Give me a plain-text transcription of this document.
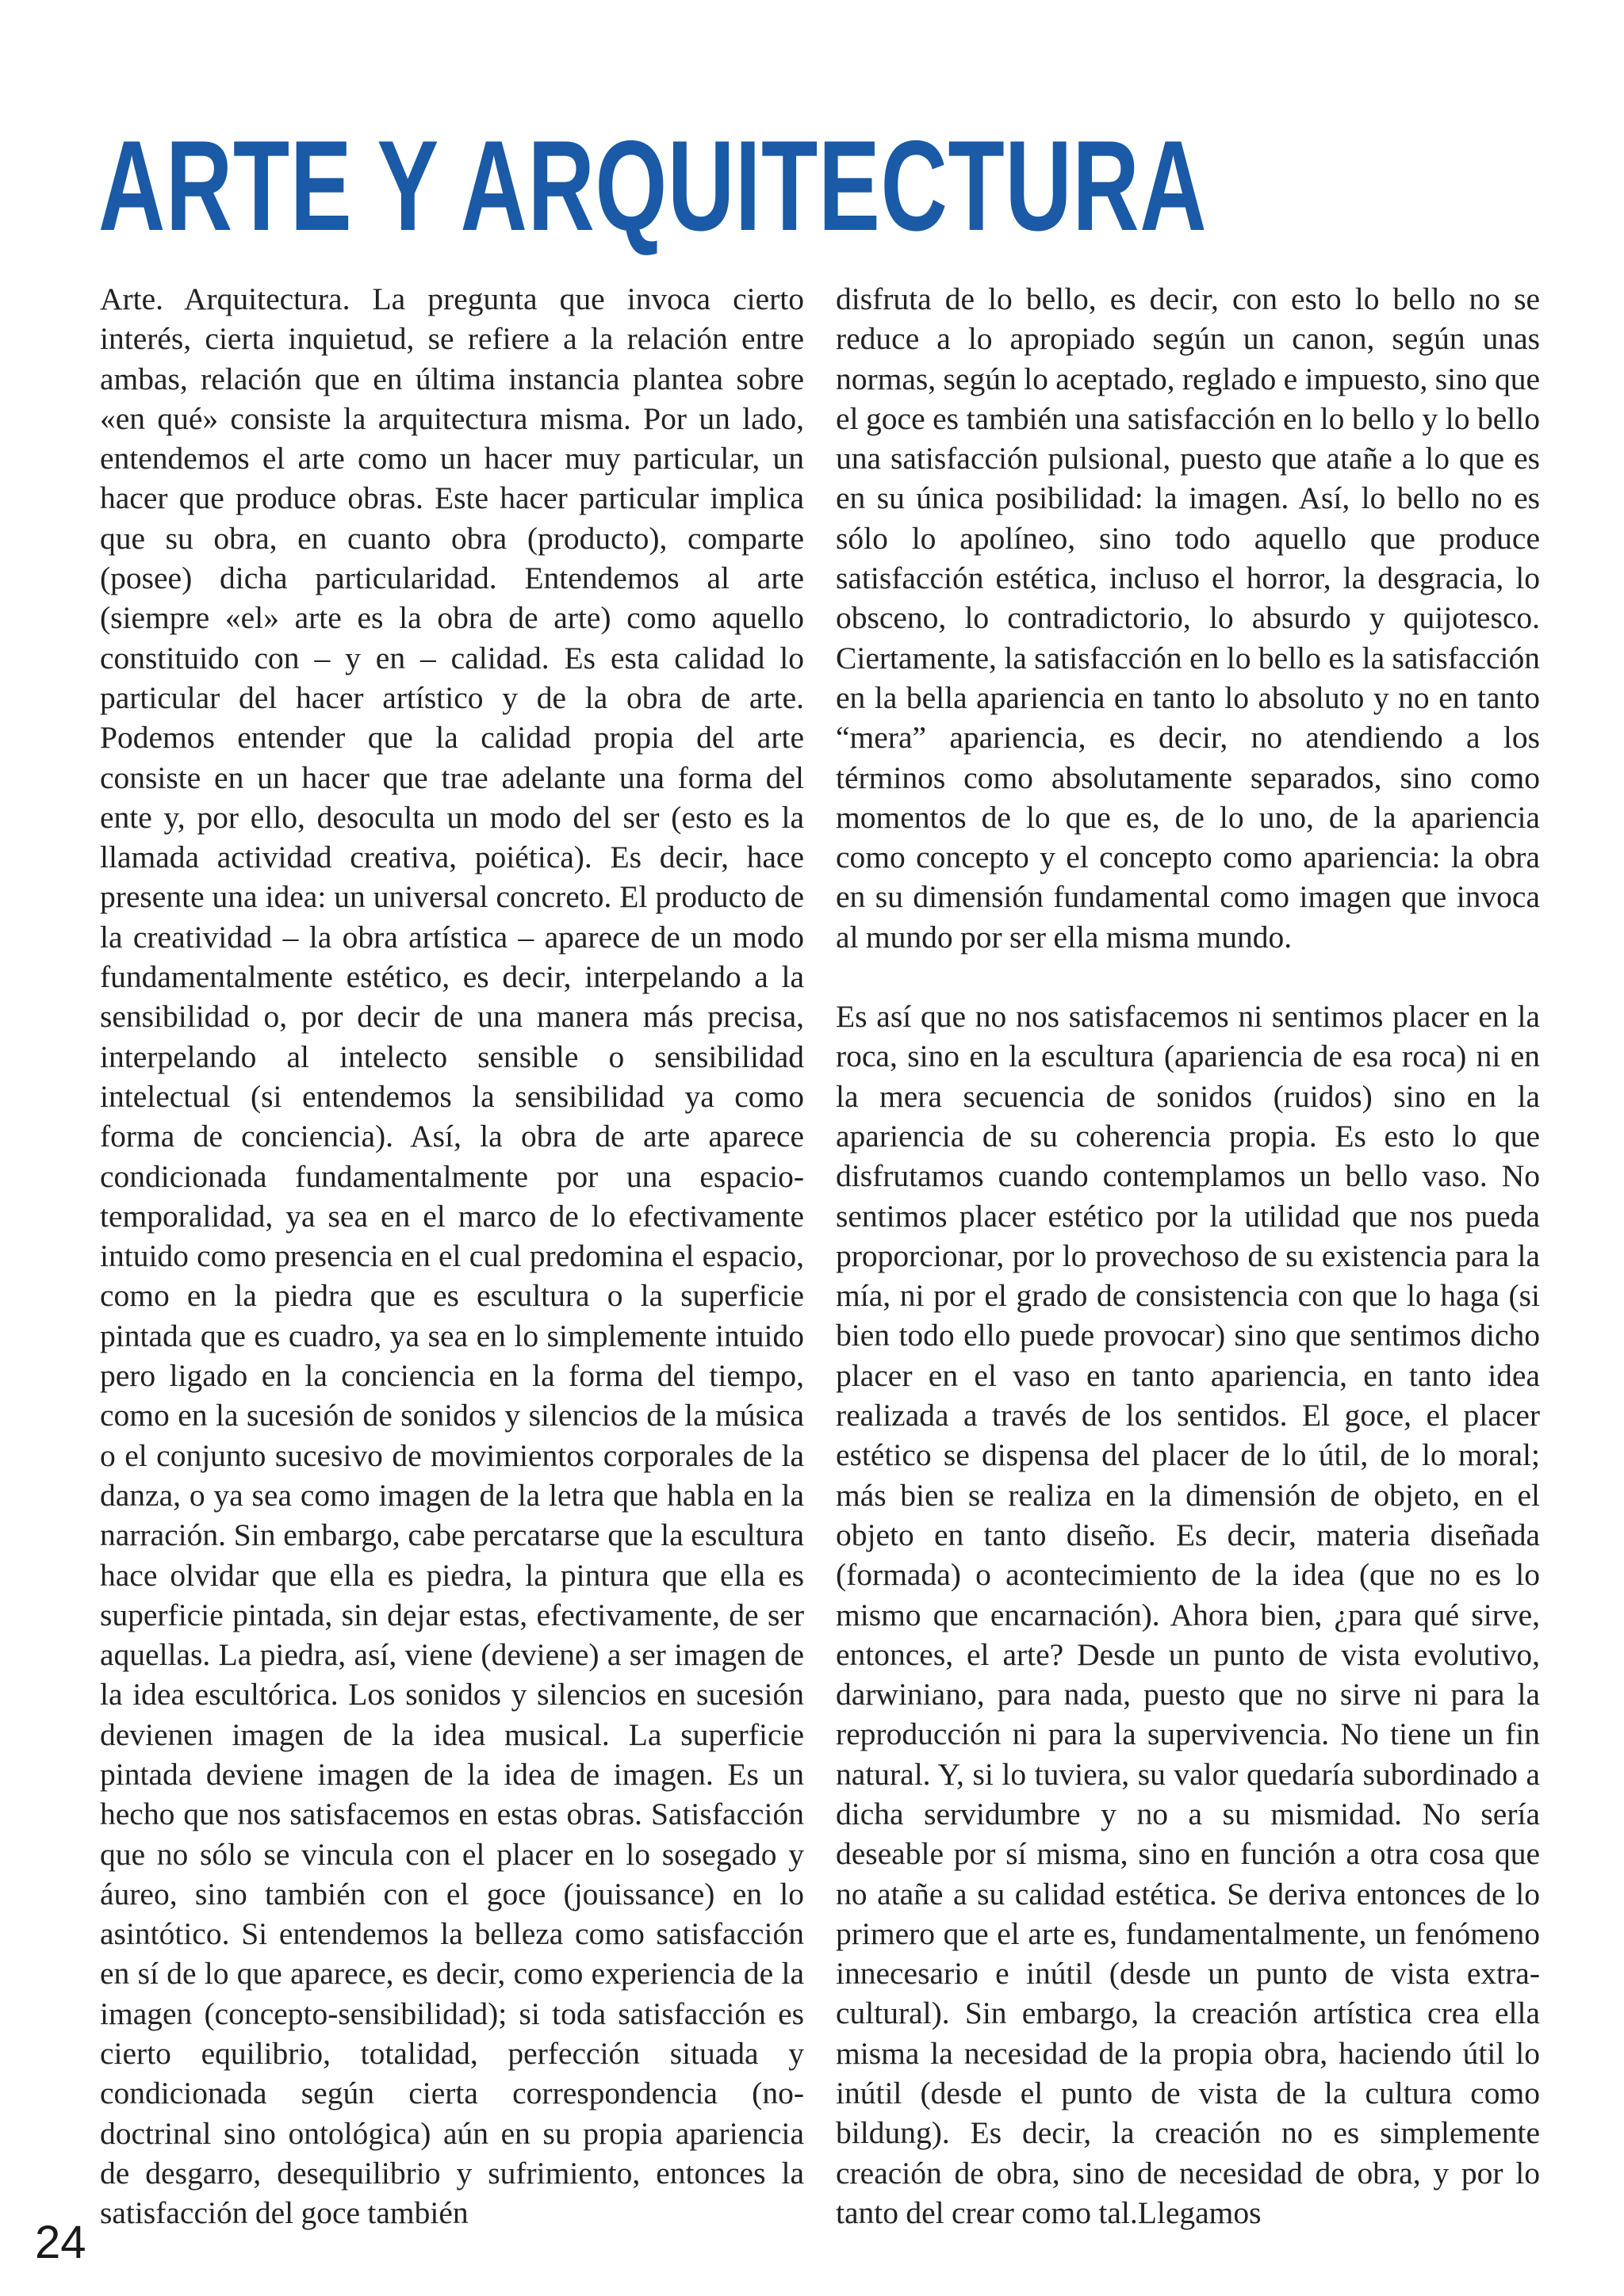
ARTE Y ARQUITECTURA

Arte. Arquitectura. La pregunta que invoca cierto interés, cierta inquietud, se refiere a la relación entre ambas, relación que en última instancia plantea sobre «en qué» consiste la arquitectura misma. Por un lado, entendemos el arte como un hacer muy particular, un hacer que produce obras. Este hacer particular implica que su obra, en cuanto obra (producto), comparte (posee) dicha particularidad. Entendemos al arte (siempre «el» arte es la obra de arte) como aquello constituido con – y en – calidad. Es esta calidad lo particular del hacer artístico y de la obra de arte. Podemos entender que la calidad propia del arte consiste en un hacer que trae adelante una forma del ente y, por ello, desoculta un modo del ser (esto es la llamada actividad creativa, poiética). Es decir, hace presente una idea: un universal concreto. El producto de la creatividad – la obra artística – aparece de un modo fundamentalmente estético, es decir, interpelando a la sensibilidad o, por decir de una manera más precisa, interpelando al intelecto sensible o sensibilidad intelectual (si entendemos la sensibilidad ya como forma de conciencia). Así, la obra de arte aparece condicionada fundamentalmente por una espacio- temporalidad, ya sea en el marco de lo efectivamente intuido como presencia en el cual predomina el espacio, como en la piedra que es escultura o la superficie pintada que es cuadro, ya sea en lo simplemente intuido pero ligado en la conciencia en la forma del tiempo, como en la sucesión de sonidos y silencios de la música o el conjunto sucesivo de movimientos corporales de la danza, o ya sea como imagen de la letra que habla en la narración. Sin embargo, cabe percatarse que la escultura hace olvidar que ella es piedra, la pintura que ella es superficie pintada, sin dejar estas, efectivamente, de ser aquellas. La piedra, así, viene (deviene) a ser imagen de la idea escultórica. Los sonidos y silencios en sucesión devienen imagen de la idea musical. La superficie pintada deviene imagen de la idea de imagen. Es un hecho que nos satisfacemos en estas obras. Satisfacción que no sólo se vincula con el placer en lo sosegado y áureo, sino también con el goce (jouissance) en lo asintótico. Si entendemos la belleza como satisfacción en sí de lo que aparece, es decir, como experiencia de la imagen (concepto-sensibilidad); si toda satisfacción es cierto equilibrio, totalidad, perfección situada y condicionada según cierta correspondencia (no-doctrinal sino ontológica) aún en su propia apariencia de desgarro, desequilibrio y sufrimiento, entonces la satisfacción del goce también

disfruta de lo bello, es decir, con esto lo bello no se reduce a lo apropiado según un canon, según unas normas, según lo aceptado, reglado e impuesto, sino que el goce es también una satisfacción en lo bello y lo bello una satisfacción pulsional, puesto que atañe a lo que es en su única posibilidad: la imagen. Así, lo bello no es sólo lo apolíneo, sino todo aquello que produce satisfacción estética, incluso el horror, la desgracia, lo obsceno, lo contradictorio, lo absurdo y quijotesco. Ciertamente, la satisfacción en lo bello es la satisfacción en la bella apariencia en tanto lo absoluto y no en tanto “mera” apariencia, es decir, no atendiendo a los términos como absolutamente separados, sino como momentos de lo que es, de lo uno, de la apariencia como concepto y el concepto como apariencia: la obra en su dimensión fundamental como imagen que invoca al mundo por ser ella misma mundo.

Es así que no nos satisfacemos ni sentimos placer en la roca, sino en la escultura (apariencia de esa roca) ni en la mera secuencia de sonidos (ruidos) sino en la apariencia de su coherencia propia. Es esto lo que disfrutamos cuando contemplamos un bello vaso. No sentimos placer estético por la utilidad que nos pueda proporcionar, por lo provechoso de su existencia para la mía, ni por el grado de consistencia con que lo haga (si bien todo ello puede provocar) sino que sentimos dicho placer en el vaso en tanto apariencia, en tanto idea realizada a través de los sentidos. El goce, el placer estético se dispensa del placer de lo útil, de lo moral; más bien se realiza en la dimensión de objeto, en el objeto en tanto diseño. Es decir, materia diseñada (formada) o acontecimiento de la idea (que no es lo mismo que encarnación). Ahora bien, ¿para qué sirve, entonces, el arte? Desde un punto de vista evolutivo, darwiniano, para nada, puesto que no sirve ni para la reproducción ni para la supervivencia. No tiene un fin natural. Y, si lo tuviera, su valor quedaría subordinado a dicha servidumbre y no a su mismidad. No sería deseable por sí misma, sino en función a otra cosa que no atañe a su calidad estética. Se deriva entonces de lo primero que el arte es, fundamentalmente, un fenómeno innecesario e inútil (desde un punto de vista extra-cultural). Sin embargo, la creación artística crea ella misma la necesidad de la propia obra, haciendo útil lo inútil (desde el punto de vista de la cultura como bildung). Es decir, la creación no es simplemente creación de obra, sino de necesidad de obra, y por lo tanto del crear como tal.Llegamos

24
